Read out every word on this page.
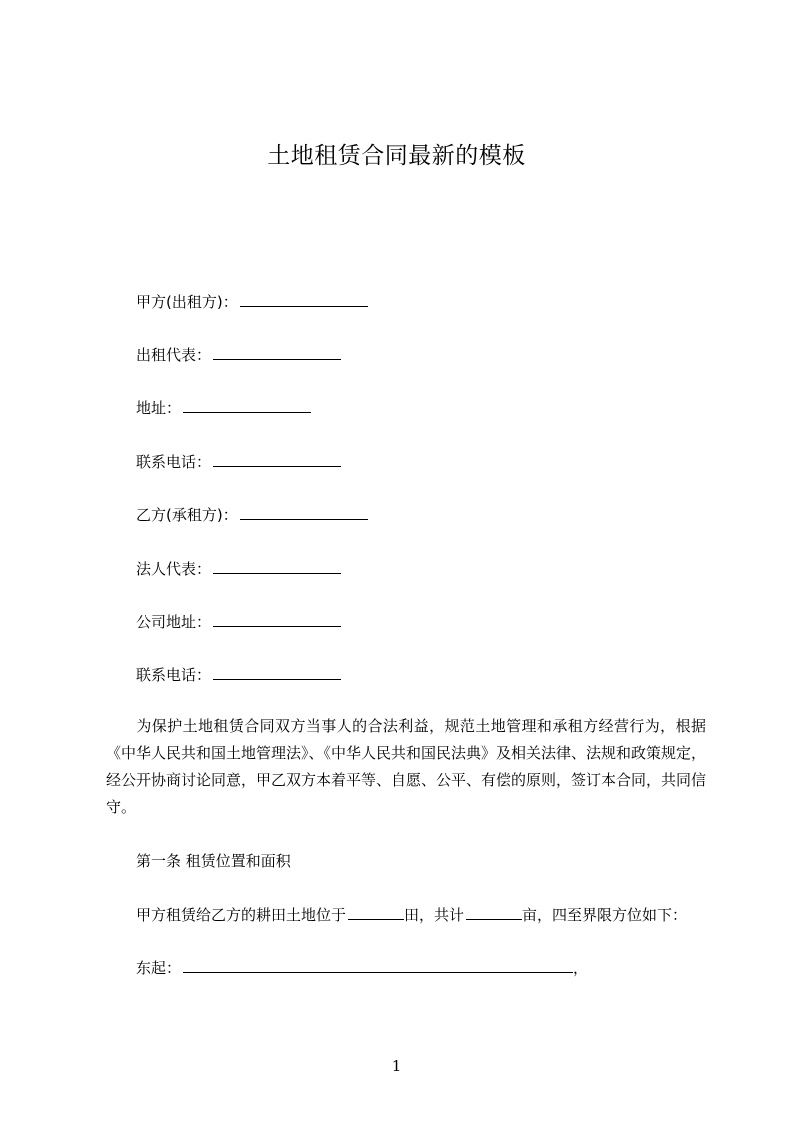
土地租赁合同最新的模板
甲方(出租方)：
出租代表：
地址：
联系电话：
乙方(承租方)：
法人代表：
公司地址：
联系电话：
为保护土地租赁合同双方当事人的合法利益，规范土地管理和承租方经营行为，根据《中华人民共和国土地管理法》、《中华人民共和国民法典》及相关法律、法规和政策规定，经公开协商讨论同意，甲乙双方本着平等、自愿、公平、有偿的原则，签订本合同，共同信守。
第一条 租赁位置和面积
甲方租赁给乙方的耕田土地位于	田，共计	亩，四至界限方位如下：
东起：	，
1
